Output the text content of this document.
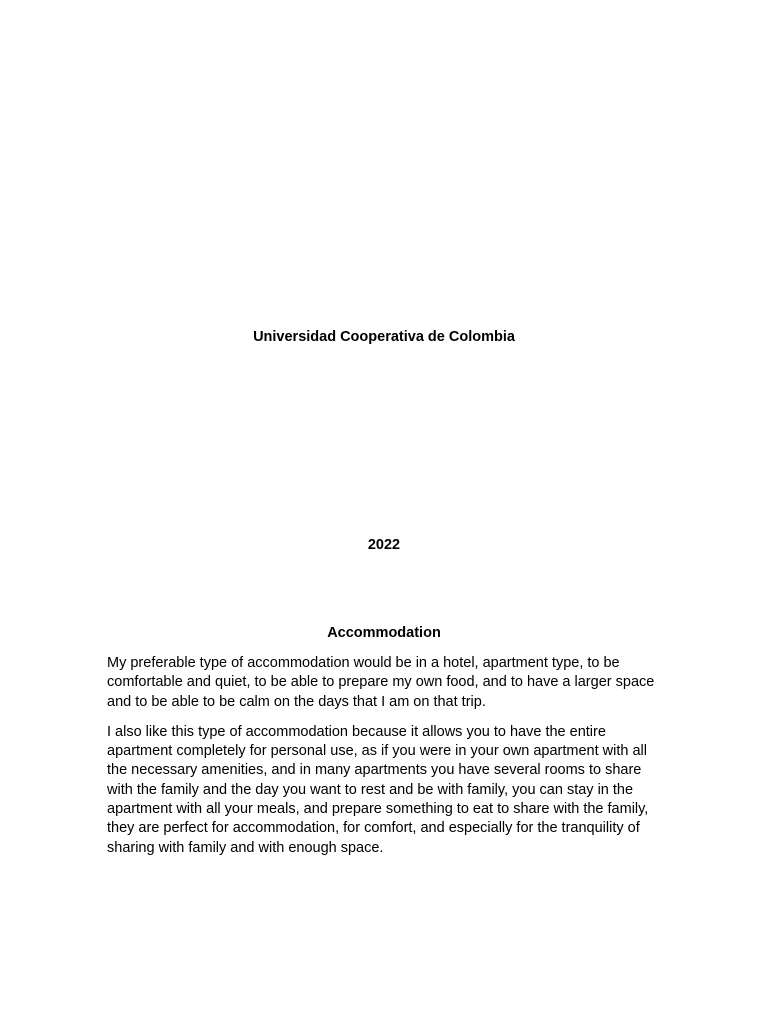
Universidad Cooperativa de Colombia
2022
Accommodation

My preferable type of accommodation would be in a hotel, apartment type, to be comfortable and quiet, to be able to prepare my own food, and to have a larger space and to be able to be calm on the days that I am on that trip.

I also like this type of accommodation because it allows you to have the entire apartment completely for personal use, as if you were in your own apartment with all the necessary amenities, and in many apartments you have several rooms to share with the family and the day you want to rest and be with family, you can stay in the apartment with all your meals, and prepare something to eat to share with the family, they are perfect for accommodation, for comfort, and especially for the tranquility of sharing with family and with enough space.
